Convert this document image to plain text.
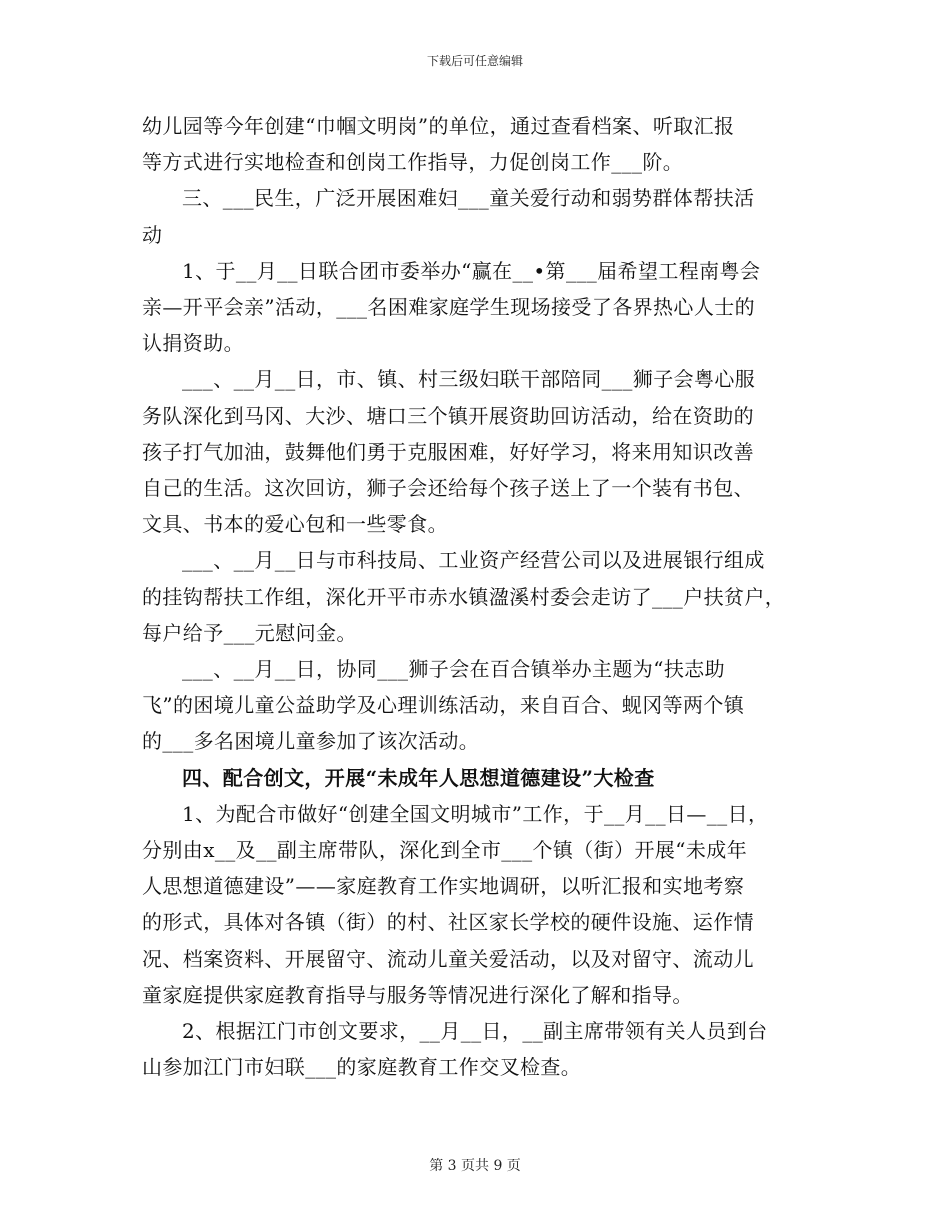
下载后可任意编辑
幼儿园等今年创建“巾帼文明岗”的单位，通过查看档案、听取汇报
等方式进行实地检查和创岗工作指导，力促创岗工作___阶。
三、___民生，广泛开展困难妇___童关爱行动和弱势群体帮扶活
动
1、于__月__日联合团市委举办“赢在__•第___届希望工程南粤会
亲—开平会亲”活动，___名困难家庭学生现场接受了各界热心人士的
认捐资助。
___、__月__日，市、镇、村三级妇联干部陪同___狮子会粤心服
务队深化到马冈、大沙、塘口三个镇开展资助回访活动，给在资助的
孩子打气加油，鼓舞他们勇于克服困难，好好学习，将来用知识改善
自己的生活。这次回访，狮子会还给每个孩子送上了一个装有书包、
文具、书本的爱心包和一些零食。
___、__月__日与市科技局、工业资产经营公司以及进展银行组成
的挂钩帮扶工作组，深化开平市赤水镇溋溪村委会走访了___户扶贫户，
每户给予___元慰问金。
___、__月__日，协同___狮子会在百合镇举办主题为“扶志助
飞”的困境儿童公益助学及心理训练活动，来自百合、蚬冈等两个镇
的___多名困境儿童参加了该次活动。
四、配合创文，开展“未成年人思想道德建设”大检查
1、为配合市做好“创建全国文明城市”工作，于__月__日—__日，
分别由x__及__副主席带队，深化到全市___个镇（街）开展“未成年
人思想道德建设”——家庭教育工作实地调研，以听汇报和实地考察
的形式，具体对各镇（街）的村、社区家长学校的硬件设施、运作情
况、档案资料、开展留守、流动儿童关爱活动，以及对留守、流动儿
童家庭提供家庭教育指导与服务等情况进行深化了解和指导。
2、根据江门市创文要求，__月__日，__副主席带领有关人员到台
山参加江门市妇联___的家庭教育工作交叉检查。
第 3 页共 9 页
